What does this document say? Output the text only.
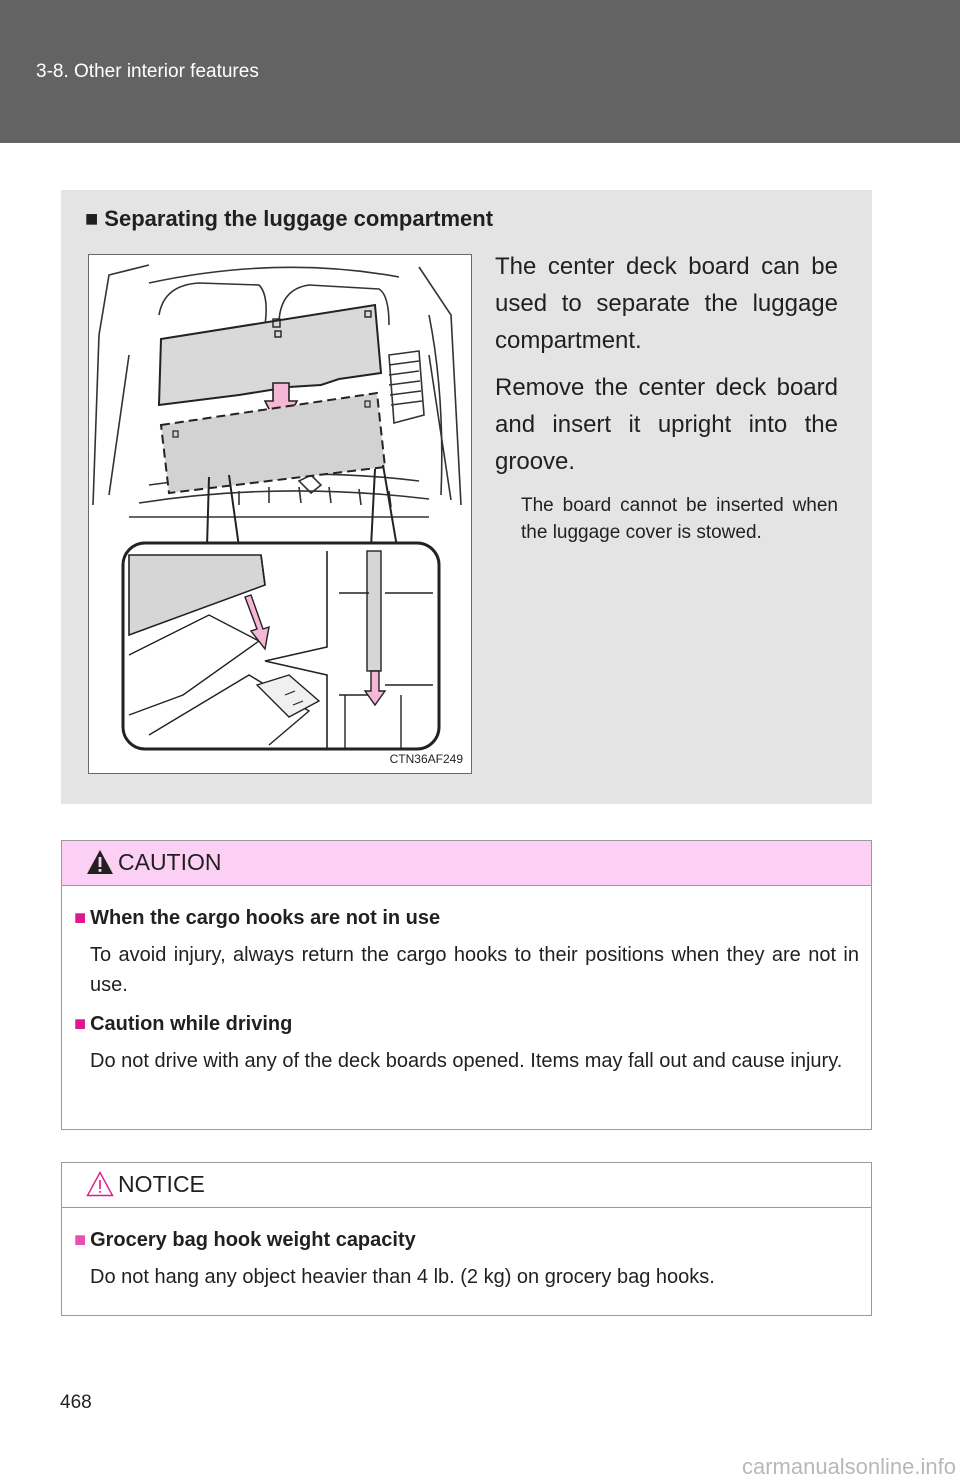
3-8. Other interior features
■ Separating the luggage compartment
CTN36AF249

The center deck board can be used to separate the luggage compartment.

Remove the center deck board and insert it upright into the groove.

The board cannot be inserted when the luggage cover is stowed.

CAUTION
■ When the cargo hooks are not in use
To avoid injury, always return the cargo hooks to their positions when they are not in use.
■ Caution while driving
Do not drive with any of the deck boards opened. Items may fall out and cause injury.
NOTICE
■ Grocery bag hook weight capacity
Do not hang any object heavier than 4 lb. (2 kg) on grocery bag hooks.
468
carmanualsonline.info
